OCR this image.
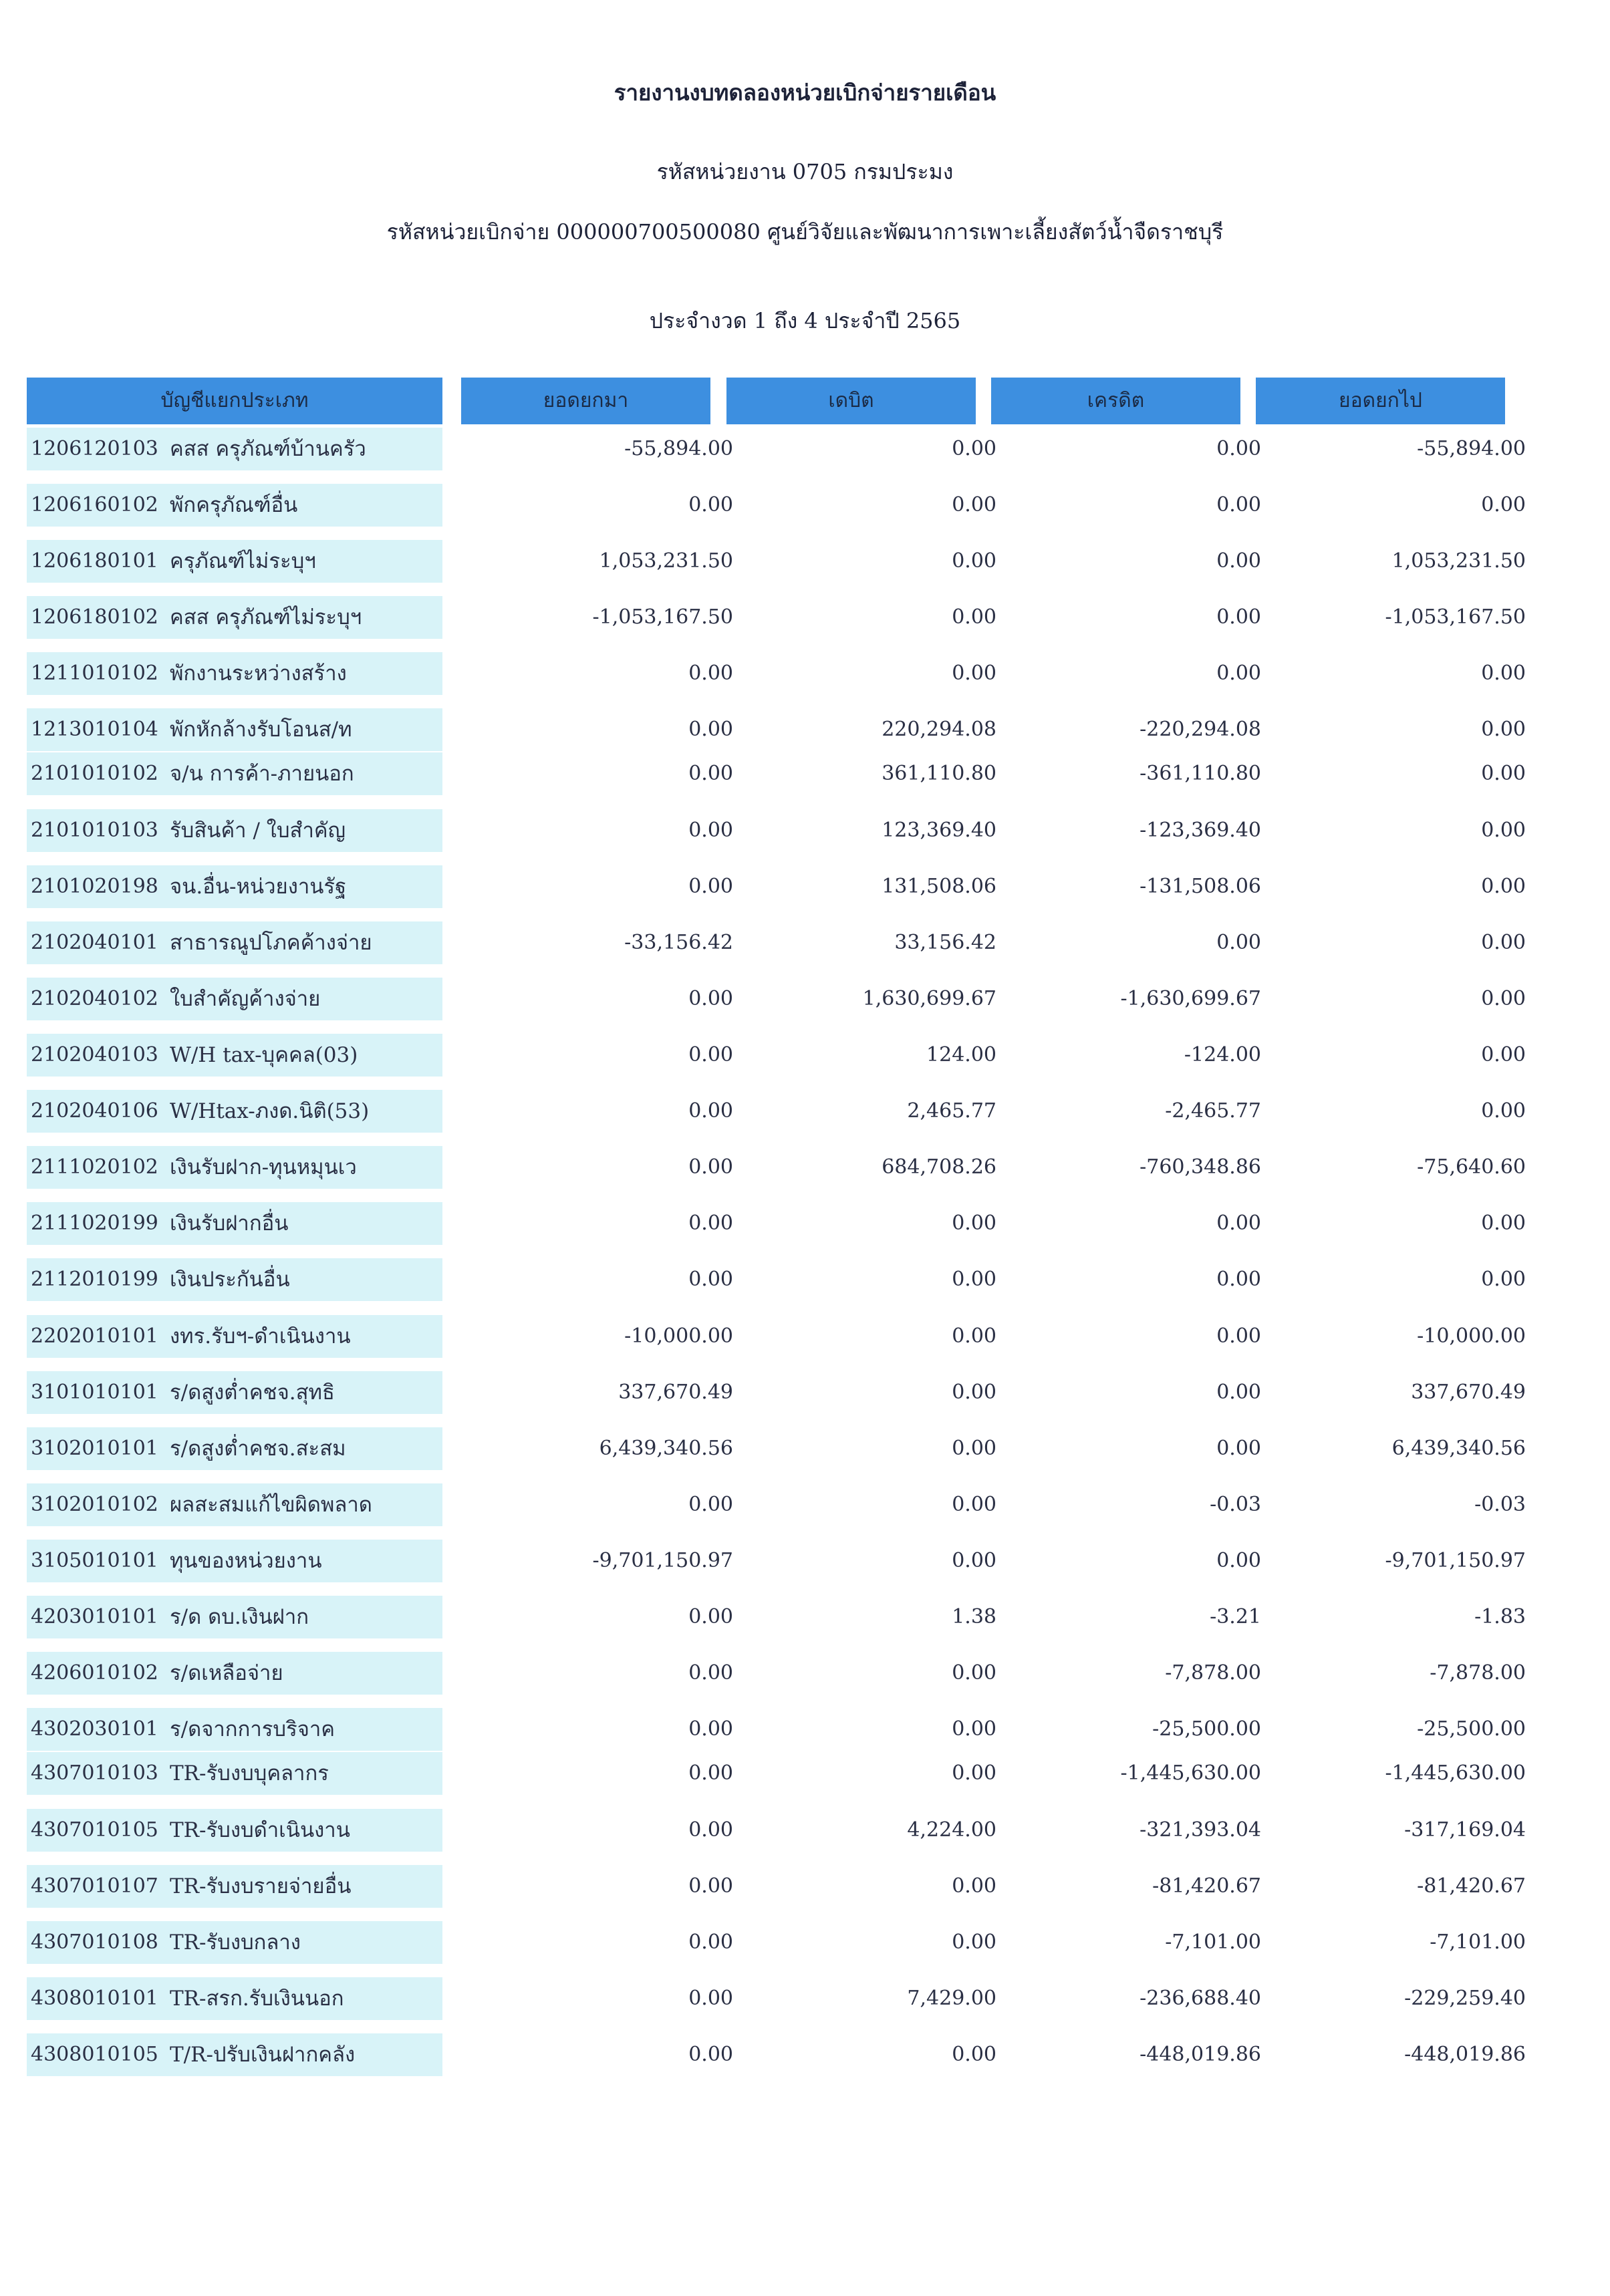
รายงานงบทดลองหน่วยเบิกจ่ายรายเดือน
รหัสหน่วยงาน 0705 กรมประมง
รหัสหน่วยเบิกจ่าย 000000700500080 ศูนย์วิจัยและพัฒนาการเพาะเลี้ยงสัตว์น้ำจืดราชบุรี
ประจำงวด 1 ถึง 4 ประจำปี 2565
บัญชีแยกประเภท	ยอดยกมา	เดบิต	เครดิต	ยอดยกไป
1206120103 คสส ครุภัณฑ์บ้านครัว	-55,894.00	0.00	0.00	-55,894.00
1206160102 พักครุภัณฑ์อื่น	0.00	0.00	0.00	0.00
1206180101 ครุภัณฑ์ไม่ระบุฯ	1,053,231.50	0.00	0.00	1,053,231.50
1206180102 คสส ครุภัณฑ์ไม่ระบุฯ	-1,053,167.50	0.00	0.00	-1,053,167.50
1211010102 พักงานระหว่างสร้าง	0.00	0.00	0.00	0.00
1213010104 พักหักล้างรับโอนส/ท	0.00	220,294.08	-220,294.08	0.00
2101010102 จ/น การค้า-ภายนอก	0.00	361,110.80	-361,110.80	0.00
2101010103 รับสินค้า / ใบสำคัญ	0.00	123,369.40	-123,369.40	0.00
2101020198 จน.อื่น-หน่วยงานรัฐ	0.00	131,508.06	-131,508.06	0.00
2102040101 สาธารณูปโภคค้างจ่าย	-33,156.42	33,156.42	0.00	0.00
2102040102 ใบสำคัญค้างจ่าย	0.00	1,630,699.67	-1,630,699.67	0.00
2102040103 W/H tax-บุคคล(03)	0.00	124.00	-124.00	0.00
2102040106 W/Htax-ภงด.นิติ(53)	0.00	2,465.77	-2,465.77	0.00
2111020102 เงินรับฝาก-ทุนหมุนเว	0.00	684,708.26	-760,348.86	-75,640.60
2111020199 เงินรับฝากอื่น	0.00	0.00	0.00	0.00
2112010199 เงินประกันอื่น	0.00	0.00	0.00	0.00
2202010101 งทร.รับฯ-ดำเนินงาน	-10,000.00	0.00	0.00	-10,000.00
3101010101 ร/ดสูงต่ำคชจ.สุทธิ	337,670.49	0.00	0.00	337,670.49
3102010101 ร/ดสูงต่ำคชจ.สะสม	6,439,340.56	0.00	0.00	6,439,340.56
3102010102 ผลสะสมแก้ไขผิดพลาด	0.00	0.00	-0.03	-0.03
3105010101 ทุนของหน่วยงาน	-9,701,150.97	0.00	0.00	-9,701,150.97
4203010101 ร/ด ดบ.เงินฝาก	0.00	1.38	-3.21	-1.83
4206010102 ร/ดเหลือจ่าย	0.00	0.00	-7,878.00	-7,878.00
4302030101 ร/ดจากการบริจาค	0.00	0.00	-25,500.00	-25,500.00
4307010103 TR-รับงบบุคลากร	0.00	0.00	-1,445,630.00	-1,445,630.00
4307010105 TR-รับงบดำเนินงาน	0.00	4,224.00	-321,393.04	-317,169.04
4307010107 TR-รับงบรายจ่ายอื่น	0.00	0.00	-81,420.67	-81,420.67
4307010108 TR-รับงบกลาง	0.00	0.00	-7,101.00	-7,101.00
4308010101 TR-สรก.รับเงินนอก	0.00	7,429.00	-236,688.40	-229,259.40
4308010105 T/R-ปรับเงินฝากคลัง	0.00	0.00	-448,019.86	-448,019.86
